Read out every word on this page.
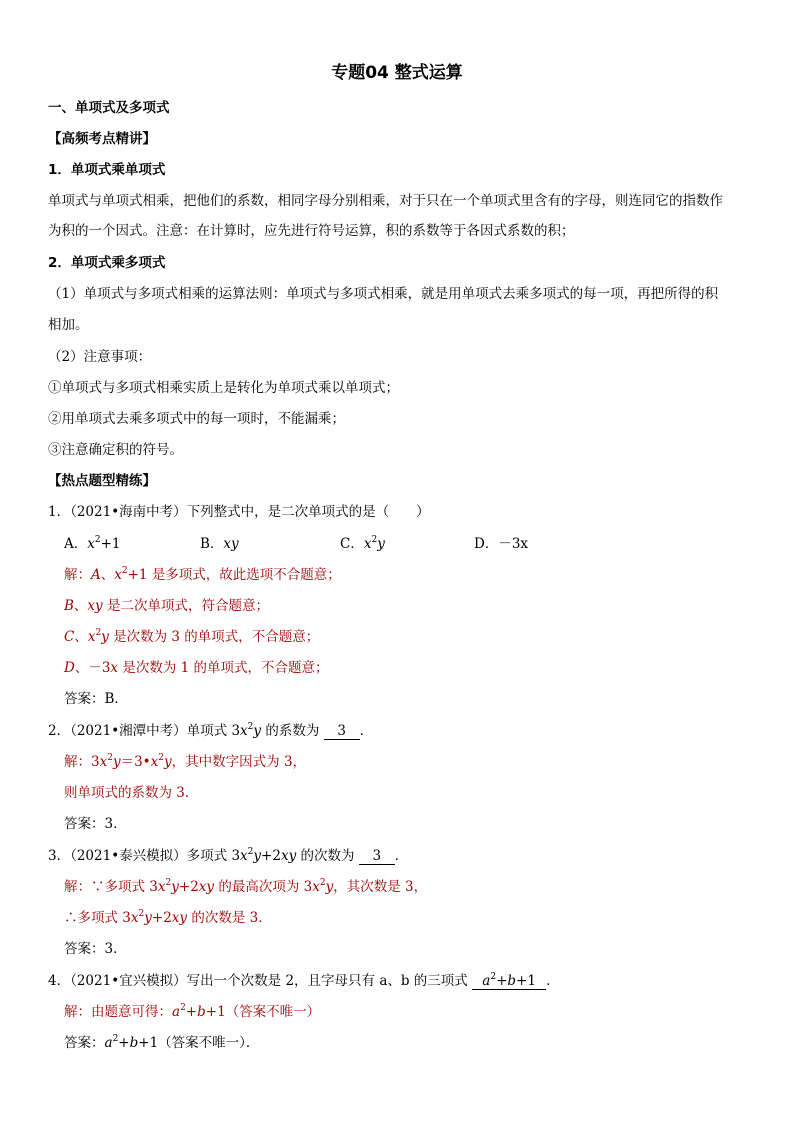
专题04 整式运算
一、单项式及多项式
【高频考点精讲】
1．单项式乘单项式
单项式与单项式相乘，把他们的系数，相同字母分别相乘，对于只在一个单项式里含有的字母，则连同它的指数作
为积的一个因式。注意：在计算时，应先进行符号运算，积的系数等于各因式系数的积；
2．单项式乘多项式
（1）单项式与多项式相乘的运算法则：单项式与多项式相乘，就是用单项式去乘多项式的每一项，再把所得的积
相加。
（2）注意事项：
①单项式与多项式相乘实质上是转化为单项式乘以单项式；
②用单项式去乘多项式中的每一项时，不能漏乘；
③注意确定积的符号。
【热点题型精练】
1．（2021•海南中考）下列整式中，是二次单项式的是（　　）
A．$x^2+1$	B．xy	C．$x^2y$	D．－3x
解：A、$x^2+1$ 是多项式，故此选项不合题意；
B、xy 是二次单项式，符合题意；
C、$x^2y$ 是次数为 3 的单项式，不合题意；
D、－3x 是次数为 1 的单项式，不合题意；
答案：B．
2．（2021•湘潭中考）单项式 $3x^2y$ 的系数为 3 ．
解：$3x^2y=3•x^2y$，其中数字因式为 3，
则单项式的系数为 3．
答案：3．
3．（2021•泰兴模拟）多项式 $3x^2y+2xy$ 的次数为 3 ．
解：∵多项式 $3x^2y+2xy$ 的最高次项为 $3x^2y$，其次数是 3，
∴多项式 $3x^2y+2xy$ 的次数是 3．
答案：3．
4．（2021•宜兴模拟）写出一个次数是 2，且字母只有 a、b 的三项式 $a^2+b+1$ ．
解：由题意可得：$a^2+b+1$（答案不唯一）
答案：$a^2+b+1$（答案不唯一）．
